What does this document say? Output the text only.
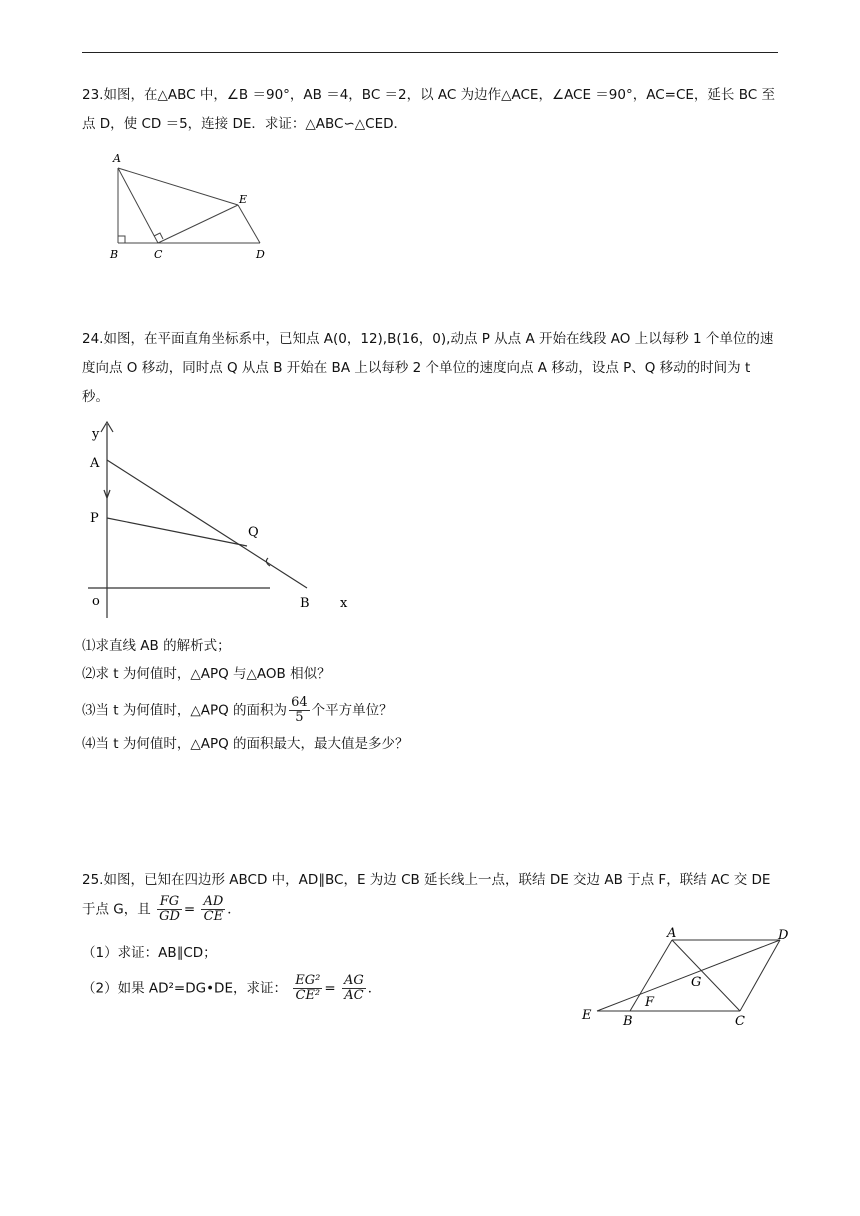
23.如图，在△ABC 中，∠B ＝90°，AB ＝4，BC ＝2，以 AC 为边作△ACE，∠ACE ＝90°，AC=CE，延长 BC 至点 D，使 CD ＝5，连接 DE．求证：△ABC∽△CED．

A
B	C	D
E

24.如图，在平面直角坐标系中，已知点 A(0，12),B(16，0),动点 P 从点 A 开始在线段 AO 上以每秒 1 个单位的速度向点 O 移动，同时点 Q 从点 B 开始在 BA 上以每秒 2 个单位的速度向点 A 移动，设点 P、Q 移动的时间为 t 秒。

y
A
P
Q
o	B x
⑴求直线 AB 的解析式；
⑵求 t 为何值时，△APQ 与△AOB 相似？
⑶当 t 为何值时，△APQ 的面积为 $\frac{64}{5}$ 个平方单位？
⑷当 t 为何值时，△APQ 的面积最大，最大值是多少？
25.如图，已知在四边形 ABCD 中，AD∥BC，E 为边 CB 延长线上一点，联结 DE 交边 AB 于点 F，联结 AC 交 DE 于点 G，且 $\frac{FG}{GD} = \frac{AD}{CE}$ ．
（1）求证：AB∥CD；
（2）如果 AD²=DG•DE，求证： $\frac{\text{EG²}}{\text{CE²}} = \frac{AG}{AC}$ ．
A	D
G
E
F
B	C
